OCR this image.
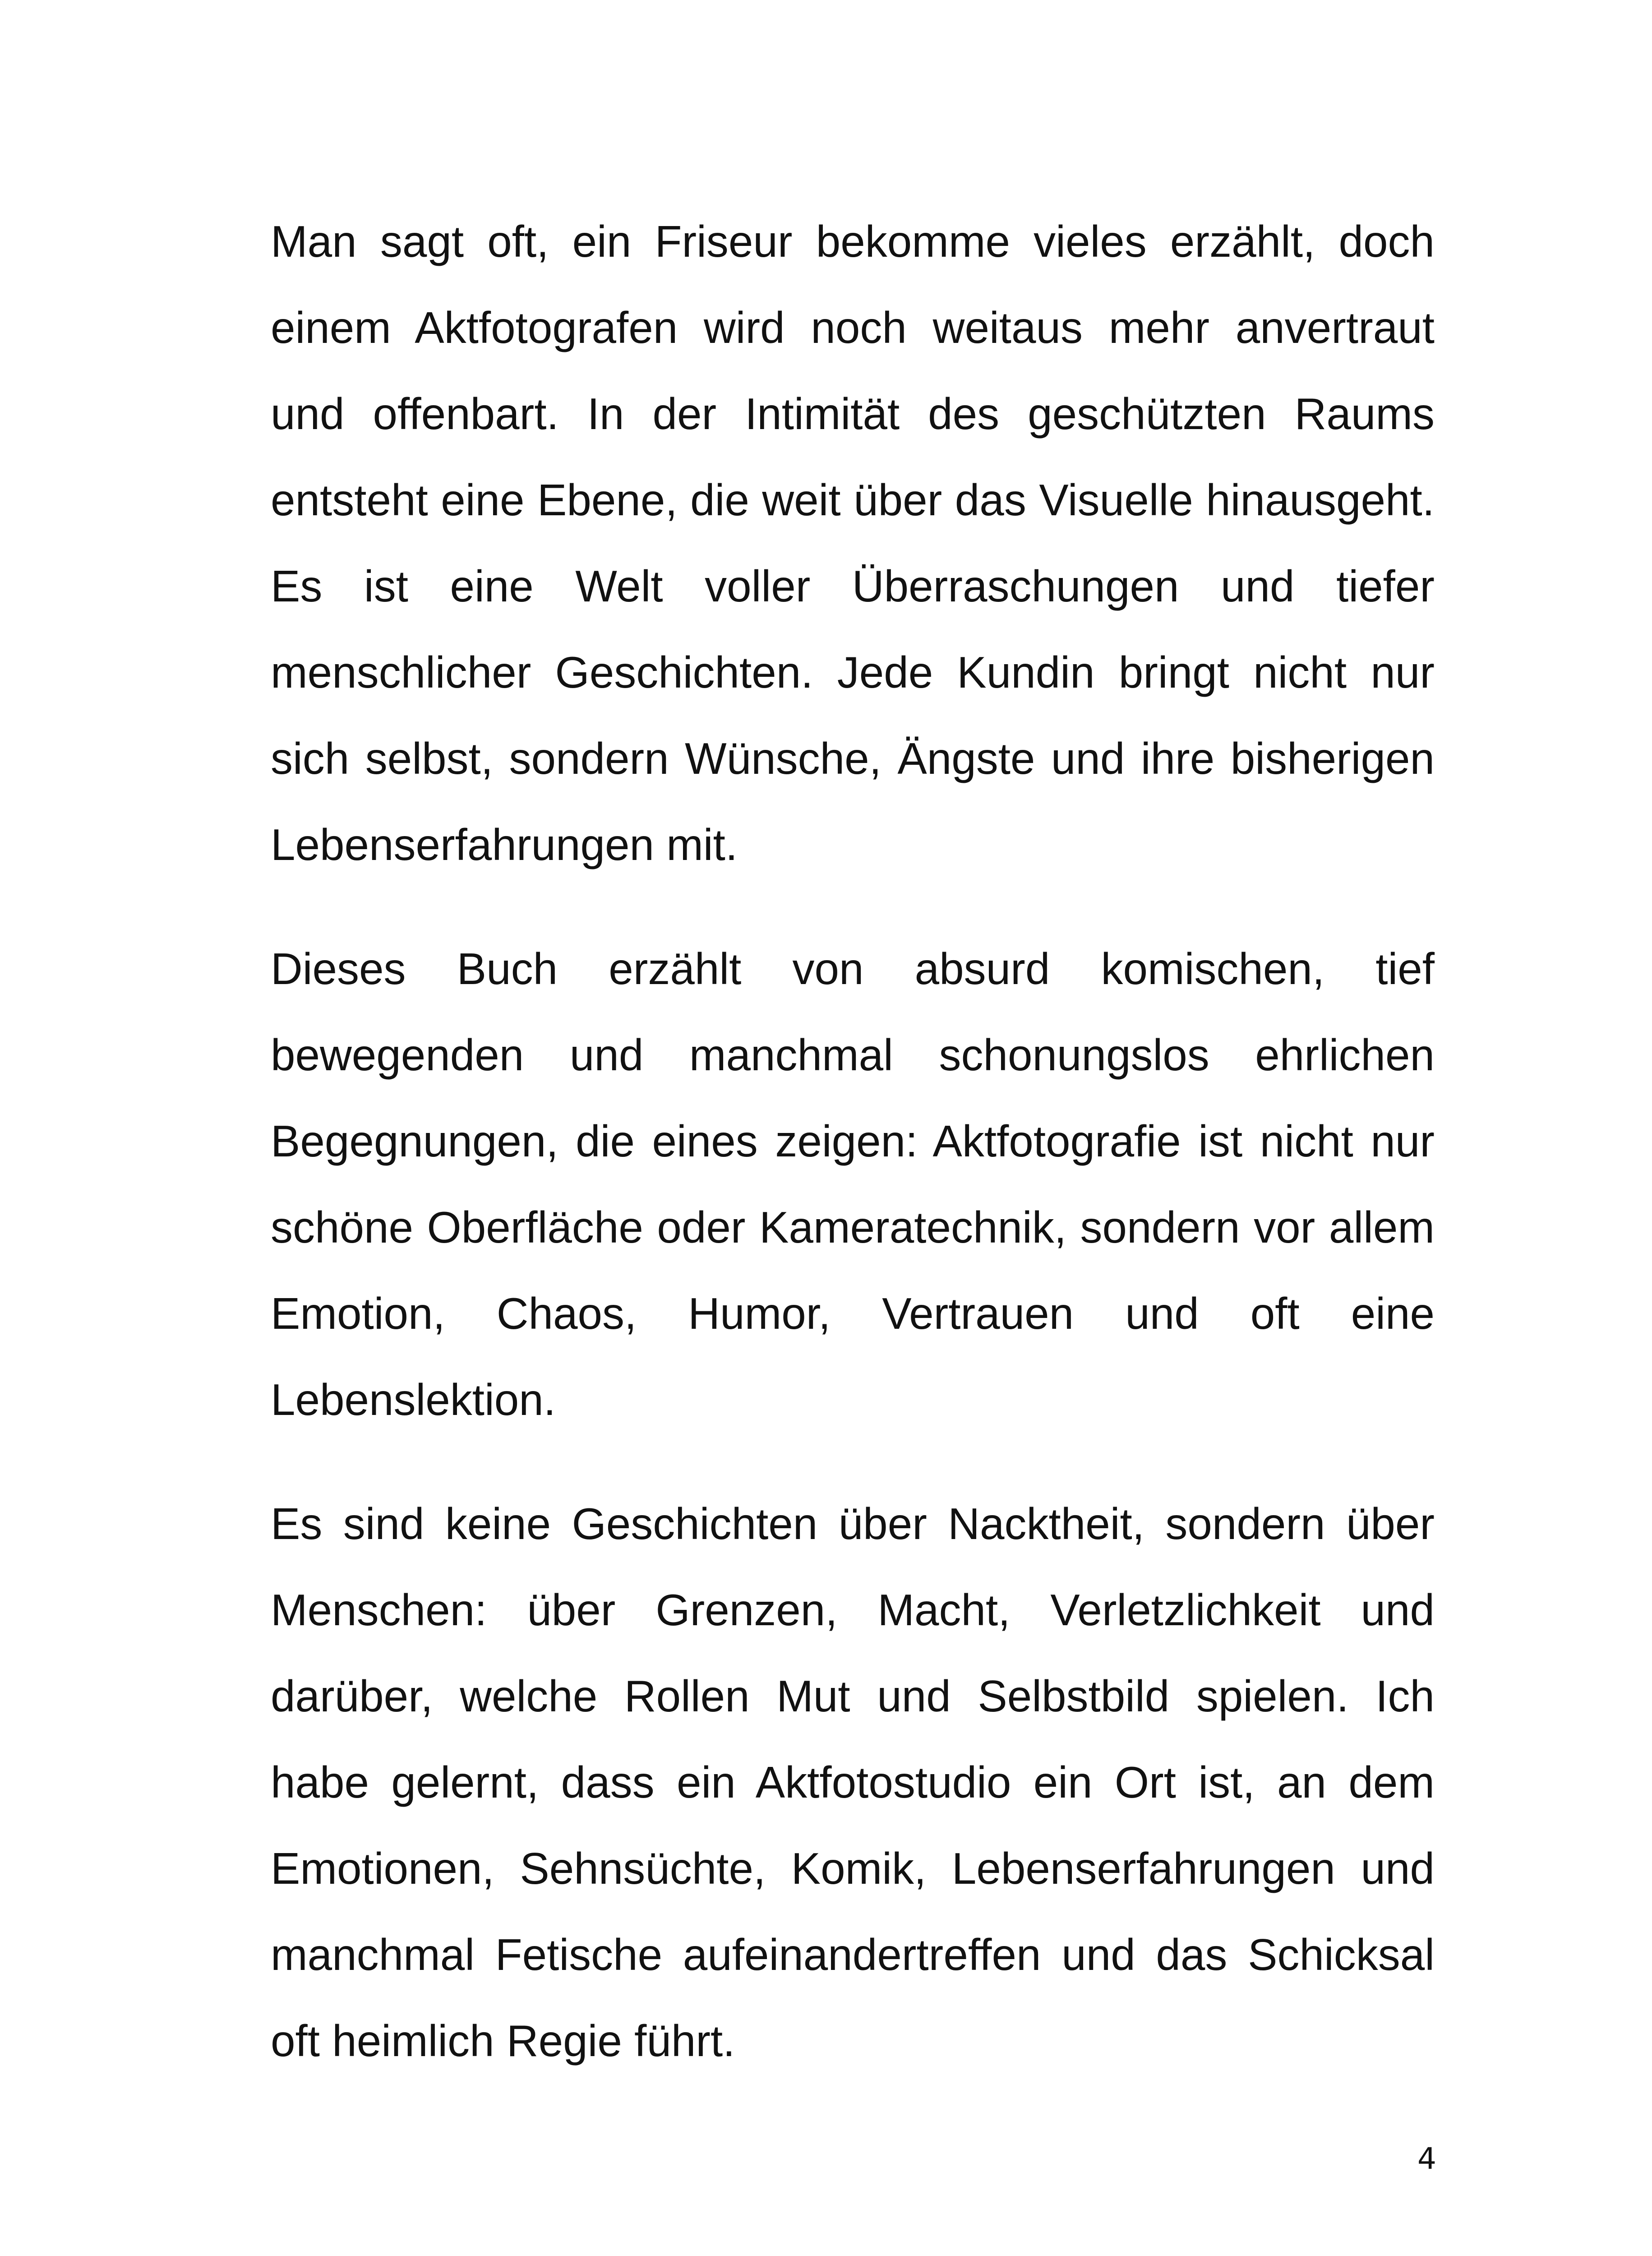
Man sagt oft, ein Friseur bekomme vieles erzählt, doch einem Aktfotografen wird noch weitaus mehr anvertraut und offenbart. In der Intimität des geschützten Raums entsteht eine Ebene, die weit über das Visuelle hinausgeht. Es ist eine Welt voller Überraschungen und tiefer menschlicher Geschichten. Jede Kundin bringt nicht nur sich selbst, sondern Wünsche, Ängste und ihre bisherigen Lebenserfahrungen mit.

Dieses Buch erzählt von absurd komischen, tief bewegenden und manchmal schonungslos ehrlichen Begegnungen, die eines zeigen: Aktfotografie ist nicht nur schöne Oberfläche oder Kameratechnik, sondern vor allem Emotion, Chaos, Humor, Vertrauen und oft eine Lebenslektion.

Es sind keine Geschichten über Nacktheit, sondern über Menschen: über Grenzen, Macht, Verletzlichkeit und darüber, welche Rollen Mut und Selbstbild spielen. Ich habe gelernt, dass ein Aktfotostudio ein Ort ist, an dem Emotionen, Sehnsüchte, Komik, Lebenserfahrungen und manchmal Fetische aufeinandertreffen und das Schicksal oft heimlich Regie führt.

4
